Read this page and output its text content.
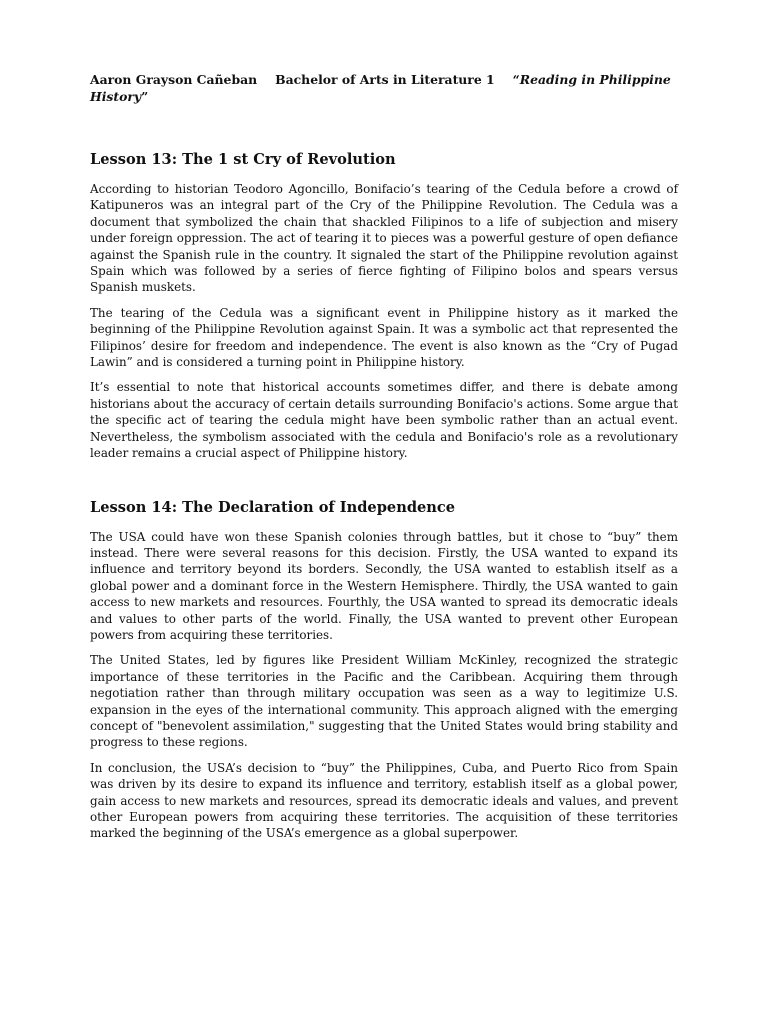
Aaron Grayson Cañeban Bachelor of Arts in Literature 1 “Reading in Philippine History”

Lesson 13: The 1 st Cry of Revolution

According to historian Teodoro Agoncillo, Bonifacio’s tearing of the Cedula before a crowd of Katipuneros was an integral part of the Cry of the Philippine Revolution. The Cedula was a document that symbolized the chain that shackled Filipinos to a life of subjection and misery under foreign oppression. The act of tearing it to pieces was a powerful gesture of open defiance against the Spanish rule in the country. It signaled the start of the Philippine revolution against Spain which was followed by a series of fierce fighting of Filipino bolos and spears versus Spanish muskets.

The tearing of the Cedula was a significant event in Philippine history as it marked the beginning of the Philippine Revolution against Spain. It was a symbolic act that represented the Filipinos’ desire for freedom and independence. The event is also known as the “Cry of Pugad Lawin” and is considered a turning point in Philippine history.

It’s essential to note that historical accounts sometimes differ, and there is debate among historians about the accuracy of certain details surrounding Bonifacio's actions. Some argue that the specific act of tearing the cedula might have been symbolic rather than an actual event. Nevertheless, the symbolism associated with the cedula and Bonifacio's role as a revolutionary leader remains a crucial aspect of Philippine history.

Lesson 14: The Declaration of Independence

The USA could have won these Spanish colonies through battles, but it chose to “buy” them instead. There were several reasons for this decision. Firstly, the USA wanted to expand its influence and territory beyond its borders. Secondly, the USA wanted to establish itself as a global power and a dominant force in the Western Hemisphere. Thirdly, the USA wanted to gain access to new markets and resources. Fourthly, the USA wanted to spread its democratic ideals and values to other parts of the world. Finally, the USA wanted to prevent other European powers from acquiring these territories.

The United States, led by figures like President William McKinley, recognized the strategic importance of these territories in the Pacific and the Caribbean. Acquiring them through negotiation rather than through military occupation was seen as a way to legitimize U.S. expansion in the eyes of the international community. This approach aligned with the emerging concept of "benevolent assimilation," suggesting that the United States would bring stability and progress to these regions.

In conclusion, the USA’s decision to “buy” the Philippines, Cuba, and Puerto Rico from Spain was driven by its desire to expand its influence and territory, establish itself as a global power, gain access to new markets and resources, spread its democratic ideals and values, and prevent other European powers from acquiring these territories. The acquisition of these territories marked the beginning of the USA’s emergence as a global superpower.
